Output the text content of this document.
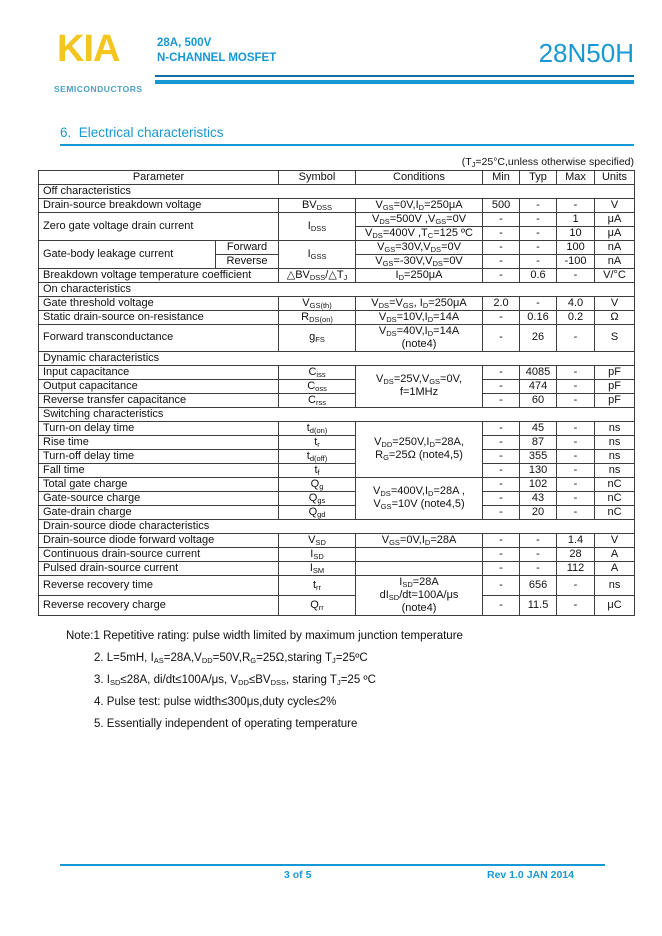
KIA
SEMICONDUCTORS
28A, 500V
N-CHANNEL MOSFET	28N50H
6.  Electrical characteristics
($T_J=25^\circ C,unless$ otherwise specified)
Parameter		Symbol	Conditions	Min	Typ	Max	Units
Off characteristics							
Drain-source breakdown voltage		$BV_{DSS}$	$V_{GS}=0V,I_D=250\mu A$	500	-	-	V
Zero gate voltage drain current		$I_{DSS}$	$V_{DS}=500V$ $,V_{GS}=0V$	-	-	1	μA
			$V_{DS}=400V$ $,T_C=125$ ºC	-	-	10	μA
Gate-body leakage current	Forward	$I_{GSS}$	$V_{GS}=30V,V_{DS}=0V$	-	-	100	nA
	Reverse		$V_{GS}=-30V,V_{DS}=0V$	-	-	-100	nA
Breakdown voltage temperature coefficient		$\triangle BV_{DSS}/\triangle T_J$	$I_D=250\mu A$	-	0.6	-	V/°C
On characteristics							
Gate threshold voltage		$V_{GS(th)}$	$V_{DS}=V_{GS}$, $I_D=250\mu A$	2.0	-	4.0	V
Static drain-source on-resistance		$R_{DS(on)}$	$V_{DS}=10V,I_D=14A$	-	0.16	0.2	Ω
Forward transconductance		$g_{FS}$	$V_{DS}=40V,I_D=14A$
(note4)	-	26	-	S
Dynamic characteristics							
Input capacitance		$C_{iss}$	$V_{DS}=25V,V_{GS}=0V$,
f=1MHz	-	4085	-	pF
Output capacitance		$C_{oss}$		-	474	-	pF
Reverse transfer capacitance		$C_{rss}$		-	60	-	pF
Switching characteristics							
Turn-on delay time		$t_{d(on)}$	$V_{DD}=250V,I_D=28A$,
$R_G=25\Omega$ (note4,5)	-	45	-	ns
Rise time		$t_r$		-	87	-	ns
Turn-off delay time		$t_{d(off)}$		-	355	-	ns
Fall time		$t_f$		-	130	-	ns
Total gate charge		$Q_g$	$V_{DS}=400V,I_D=28A$ ,
$V_{GS}=10V$ (note4,5)	-	102	-	nC
Gate-source charge		$Q_{gs}$		-	43	-	nC
Gate-drain charge		$Q_{gd}$		-	20	-	nC
Drain-source diode characteristics							
Drain-source diode forward voltage		$V_{SD}$	$V_{GS}=0V,I_D=28A$	-	-	1.4	V
Continuous drain-source current		$I_{SD}$		-	-	28	A
Pulsed drain-source current		$I_{SM}$		-	-	112	A
Reverse recovery time		$t_{rr}$	$I_{SD}=28A$
$dI_{SD}/dt=100A/\mu s$
(note4)	-	656	-	ns
Reverse recovery charge		$Q_{rr}$		-	11.5	-	μC
Note:1 Repetitive rating: pulse width limited by maximum junction temperature
2. L=5mH, $I_{AS}=28A,V_{DD}=50V,R_G=25\Omega,staring$ $T_J=25ºC$
3. $I_{SD}\le 28A$, di/dt≤100A/μs, $V_{DD}\le BV_{DSS}$, staring $T_J=25$ ºC
4. Pulse test: pulse width≤300μs,duty cycle≤2%
5. Essentially independent of operating temperature
3 of 5	Rev 1.0 JAN 2014
